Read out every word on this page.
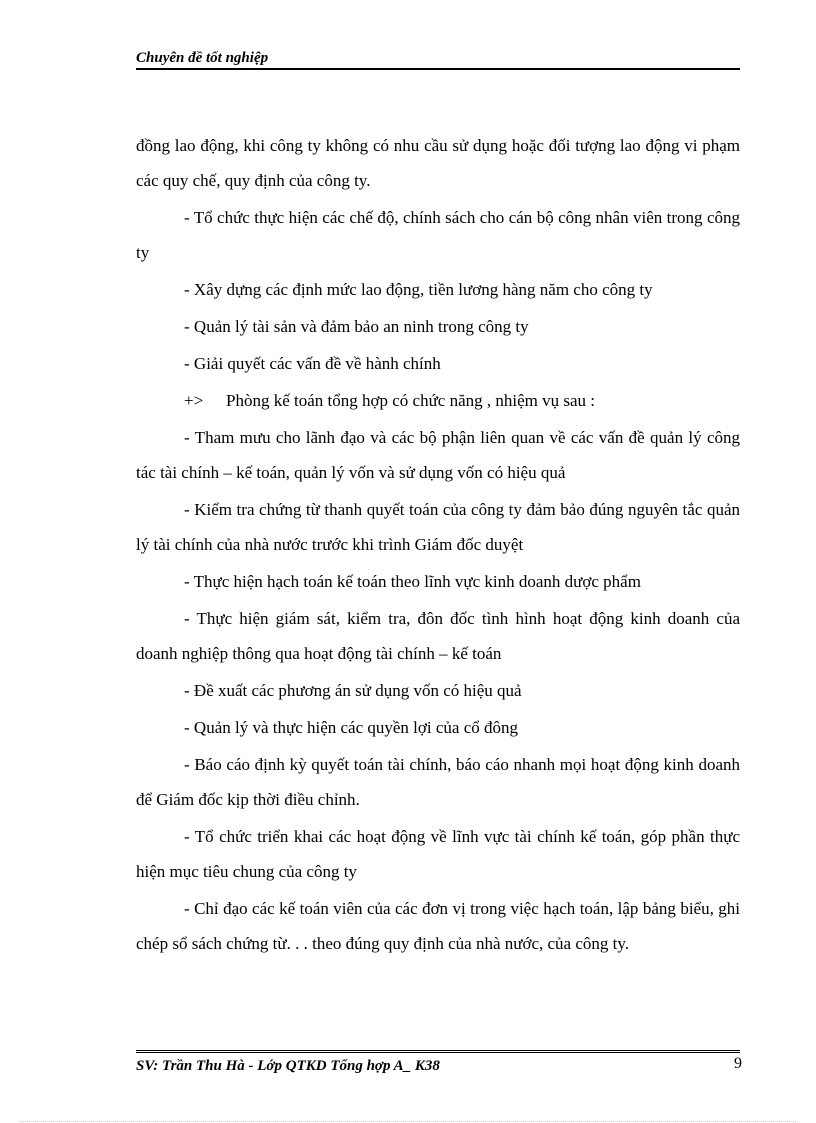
Chuyên đề tốt nghiệp

đồng lao động, khi công ty không có nhu cầu sử dụng hoặc đối tượng lao động vi phạm các quy chế, quy định của công ty.

- Tổ chức thực hiện các chế độ, chính sách cho cán bộ công nhân viên trong công ty

- Xây dựng các định mức lao động, tiền lương hàng năm cho công ty

- Quản lý tài sản và đảm bảo an ninh trong công ty

- Giải quyết các vấn đề về hành chính

+> Phòng kế toán tổng hợp có chức năng , nhiệm vụ sau :

- Tham mưu cho lãnh đạo và các bộ phận liên quan về các vấn đề quản lý công tác tài chính – kế toán, quản lý vốn và sử dụng vốn có hiệu quả

- Kiểm tra chứng từ thanh quyết toán của công ty đảm bảo đúng nguyên tắc quản lý tài chính của nhà nước trước khi trình Giám đốc duyệt

- Thực hiện hạch toán kế toán theo lĩnh vực kinh doanh dược phẩm

- Thực hiện giám sát, kiểm tra, đôn đốc tình hình hoạt động kinh doanh của doanh nghiệp thông qua hoạt động tài chính – kế toán

- Đề xuất các phương án sử dụng vốn có hiệu quả

- Quản lý và thực hiện các quyền lợi của cổ đông

- Báo cáo định kỳ quyết toán tài chính, báo cáo nhanh mọi hoạt động kinh doanh để Giám đốc kịp thời điều chỉnh.

- Tổ chức triển khai các hoạt động về lĩnh vực tài chính kế toán, góp phần thực hiện mục tiêu chung của công ty

- Chỉ đạo các kế toán viên của các đơn vị trong việc hạch toán, lập bảng biểu, ghi chép sổ sách chứng từ. . . theo đúng quy định của nhà nước, của công ty.

SV: Trần Thu Hà - Lớp QTKD Tổng hợp A_ K38	9
